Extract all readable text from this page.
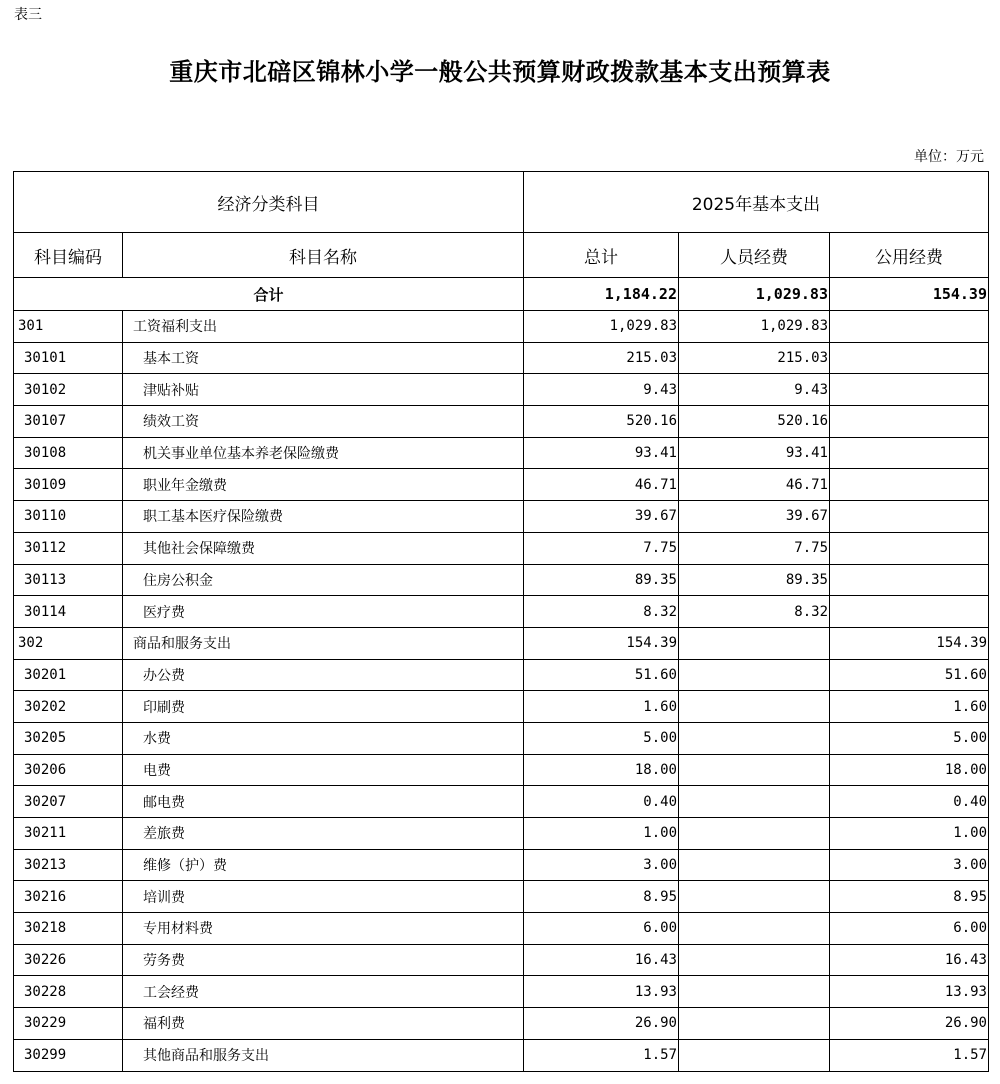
表三
重庆市北碚区锦林小学一般公共预算财政拨款基本支出预算表
单位：万元
经济分类科目		2025年基本支出		
科目编码	科目名称	总计	人员经费	公用经费
合计		1,184.22	1,029.83	154.39
301	工资福利支出	1,029.83	1,029.83	
30101	基本工资	215.03	215.03	
30102	津贴补贴	9.43	9.43	
30107	绩效工资	520.16	520.16	
30108	机关事业单位基本养老保险缴费	93.41	93.41	
30109	职业年金缴费	46.71	46.71	
30110	职工基本医疗保险缴费	39.67	39.67	
30112	其他社会保障缴费	7.75	7.75	
30113	住房公积金	89.35	89.35	
30114	医疗费	8.32	8.32	
302	商品和服务支出	154.39		154.39
30201	办公费	51.60		51.60
30202	印刷费	1.60		1.60
30205	水费	5.00		5.00
30206	电费	18.00		18.00
30207	邮电费	0.40		0.40
30211	差旅费	1.00		1.00
30213	维修（护）费	3.00		3.00
30216	培训费	8.95		8.95
30218	专用材料费	6.00		6.00
30226	劳务费	16.43		16.43
30228	工会经费	13.93		13.93
30229	福利费	26.90		26.90
30299	其他商品和服务支出	1.57		1.57
